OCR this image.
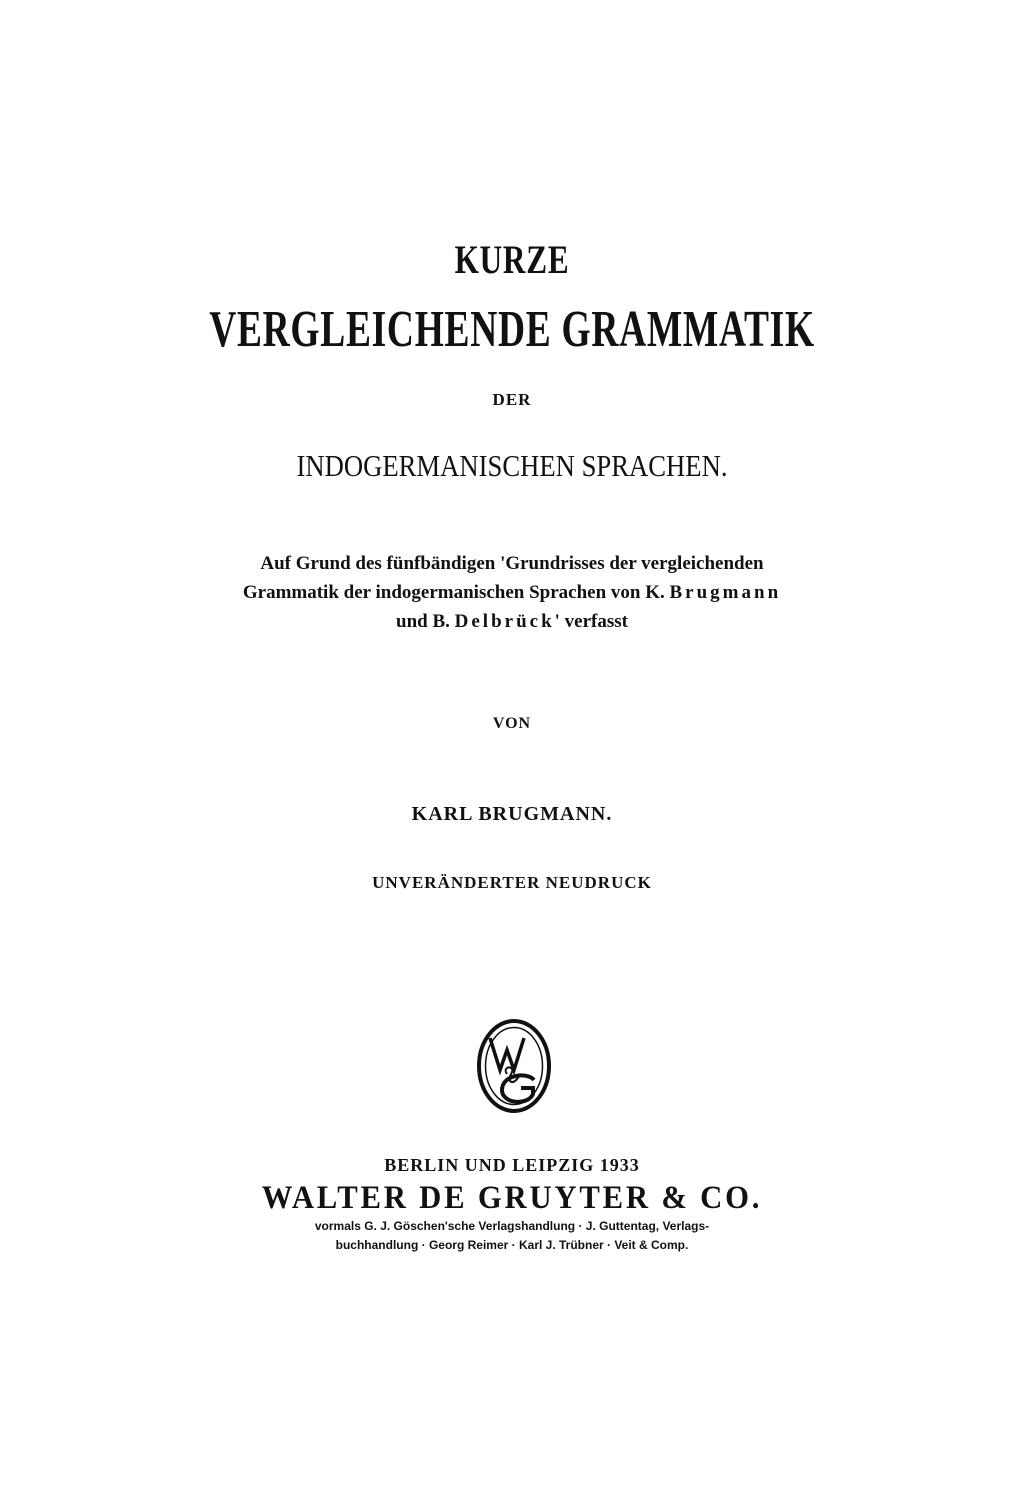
KURZE
VERGLEICHENDE GRAMMATIK
DER
INDOGERMANISCHEN SPRACHEN.
Auf Grund des fünfbändigen 'Grundrisses der vergleichenden
Grammatik der indogermanischen Sprachen von K. Brugmann
und B. Delbrück' verfasst
VON
KARL BRUGMANN.
UNVERÄNDERTER NEUDRUCK
BERLIN UND LEIPZIG 1933
WALTER DE GRUYTER & CO.
vormals G. J. Göschen'sche Verlagshandlung · J. Guttentag, Verlags-
buchhandlung · Georg Reimer · Karl J. Trübner · Veit & Comp.
